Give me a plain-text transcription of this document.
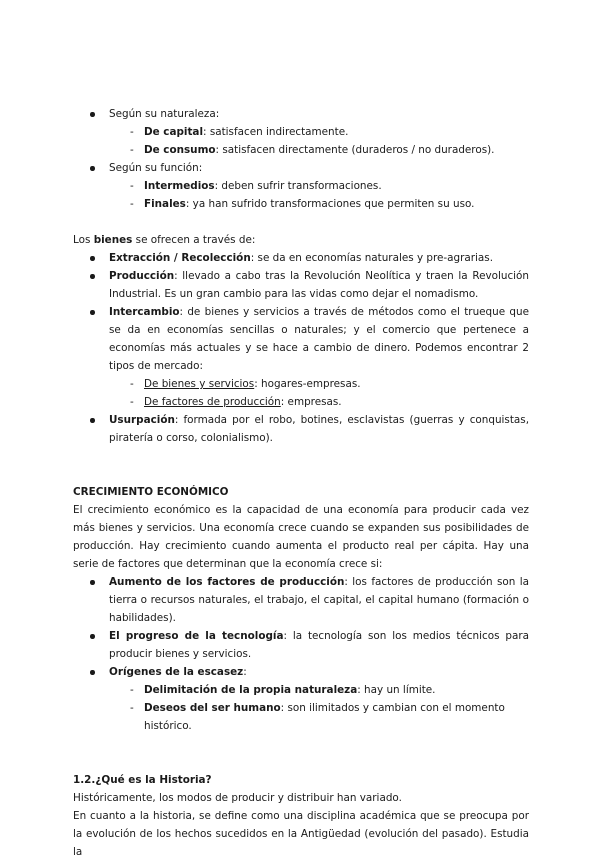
Según su naturaleza:
- De capital: satisfacen indirectamente.
- De consumo: satisfacen directamente (duraderos / no duraderos).
Según su función:
- Intermedios: deben sufrir transformaciones.
- Finales: ya han sufrido transformaciones que permiten su uso.
Los bienes se ofrecen a través de:
Extracción / Recolección: se da en economías naturales y pre-agrarias.
Producción: llevado a cabo tras la Revolución Neolítica y traen la Revolución Industrial. Es un gran cambio para las vidas como dejar el nomadismo.
Intercambio: de bienes y servicios a través de métodos como el trueque que se da en economías sencillas o naturales; y el comercio que pertenece a economías más actuales y se hace a cambio de dinero. Podemos encontrar 2 tipos de mercado:
- De bienes y servicios: hogares-empresas.
- De factores de producción: empresas.
Usurpación: formada por el robo, botines, esclavistas (guerras y conquistas, piratería o corso, colonialismo).
CRECIMIENTO ECONÓMICO
El crecimiento económico es la capacidad de una economía para producir cada vez más bienes y servicios. Una economía crece cuando se expanden sus posibilidades de producción. Hay crecimiento cuando aumenta el producto real per cápita. Hay una serie de factores que determinan que la economía crece si:
Aumento de los factores de producción: los factores de producción son la tierra o recursos naturales, el trabajo, el capital, el capital humano (formación o habilidades).
El progreso de la tecnología: la tecnología son los medios técnicos para producir bienes y servicios.
Orígenes de la escasez:
- Delimitación de la propia naturaleza: hay un límite.
- Deseos del ser humano: son ilimitados y cambian con el momento histórico.
1.2.¿Qué es la Historia?
Históricamente, los modos de producir y distribuir han variado.
En cuanto a la historia, se define como una disciplina académica que se preocupa por la evolución de los hechos sucedidos en la Antigüedad (evolución del pasado). Estudia la
